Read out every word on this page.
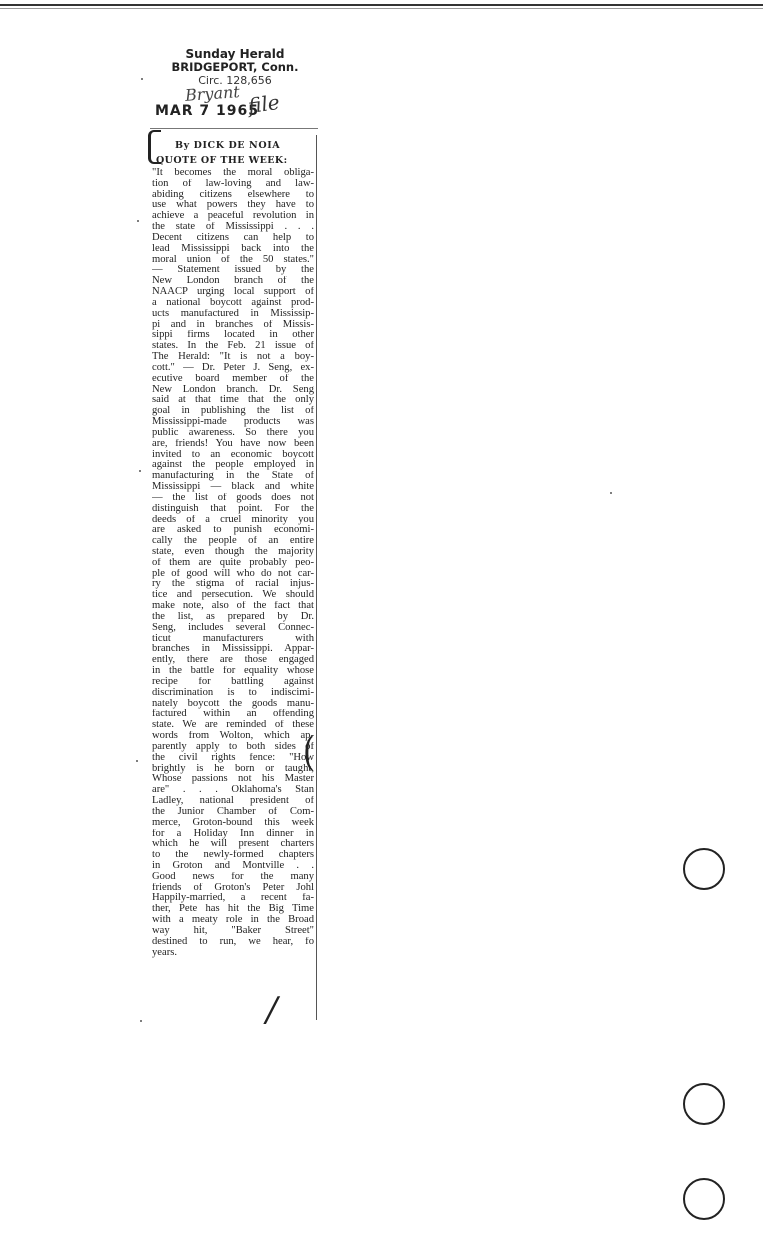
Sunday Herald
BRIDGEPORT, Conn.
Circ. 128,656
Bryant
MAR 7 1965
file
By DICK DE NOIA
QUOTE OF THE WEEK:
"It becomes the moral obliga-
tion of law-loving and law-
abiding citizens elsewhere to
use what powers they have to
achieve a peaceful revolution in
the state of Mississippi . . .
Decent citizens can help to
lead Mississippi back into the
moral union of the 50 states."
— Statement issued by the
New London branch of the
NAACP urging local support of
a national boycott against prod-
ucts manufactured in Mississip-
pi and in branches of Missis-
sippi firms located in other
states. In the Feb. 21 issue of
The Herald: "It is not a boy-
cott." — Dr. Peter J. Seng, ex-
ecutive board member of the
New London branch. Dr. Seng
said at that time that the only
goal in publishing the list of
Mississippi-made products was
public awareness. So there you
are, friends! You have now been
invited to an economic boycott
against the people employed in
manufacturing in the State of
Mississippi — black and white
— the list of goods does not
distinguish that point. For the
deeds of a cruel minority you
are asked to punish economi-
cally the people of an entire
state, even though the majority
of them are quite probably peo-
ple of good will who do not car-
ry the stigma of racial injus-
tice and persecution. We should
make note, also of the fact that
the list, as prepared by Dr.
Seng, includes several Connec-
ticut manufacturers with
branches in Mississippi. Appar-
ently, there are those engaged
in the battle for equality whose
recipe for battling against
discrimination is to indiscimi-
nately boycott the goods manu-
factured within an offending
state. We are reminded of these
words from Wolton, which ap-
parently apply to both sides of
the civil rights fence: "How
brightly is he born or taught,
Whose passions not his Master
are" . . . Oklahoma's Stan
Ladley, national president of
the Junior Chamber of Com-
merce, Groton-bound this week
for a Holiday Inn dinner in
which he will present charters
to the newly-formed chapters
in Groton and Montville . .
Good news for the many
friends of Groton's Peter Johl
Happily-married, a recent fa-
ther, Pete has hit the Big Time
with a meaty role in the Broad
way hit, "Baker Street"
destined to run, we hear, fo
years.
(
/
